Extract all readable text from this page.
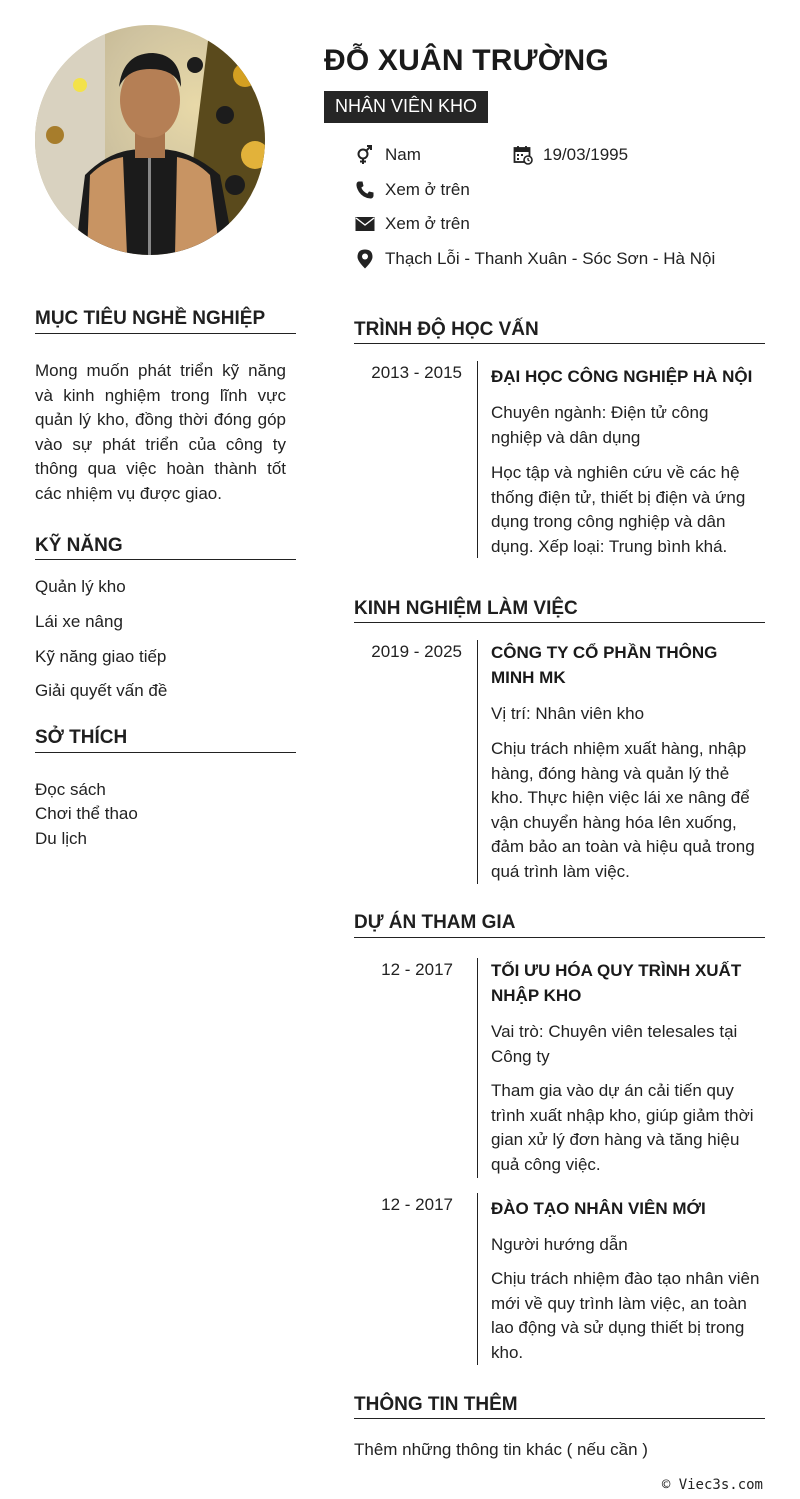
ĐỖ XUÂN TRƯỜNG
NHÂN VIÊN KHO
Nam	19/03/1995
Xem ở trên
Xem ở trên
Thạch Lỗi - Thanh Xuân - Sóc Sơn - Hà Nội
MỤC TIÊU NGHỀ NGHIỆP
Mong muốn phát triển kỹ năng và kinh nghiệm trong lĩnh vực quản lý kho, đồng thời đóng góp vào sự phát triển của công ty thông qua việc hoàn thành tốt các nhiệm vụ được giao.
KỸ NĂNG
Quản lý kho
Lái xe nâng
Kỹ năng giao tiếp
Giải quyết vấn đề
SỞ THÍCH
Đọc sách
Chơi thể thao
Du lịch
TRÌNH ĐỘ HỌC VẤN
2013 - 2015 ĐẠI HỌC CÔNG NGHIỆP HÀ NỘI
Chuyên ngành: Điện tử công nghiệp và dân dụng
Học tập và nghiên cứu về các hệ thống điện tử, thiết bị điện và ứng dụng trong công nghiệp và dân dụng. Xếp loại: Trung bình khá.
KINH NGHIỆM LÀM VIỆC
2019 - 2025 CÔNG TY CỔ PHẦN THÔNG MINH MK
Vị trí: Nhân viên kho
Chịu trách nhiệm xuất hàng, nhập hàng, đóng hàng và quản lý thẻ kho. Thực hiện việc lái xe nâng để vận chuyển hàng hóa lên xuống, đảm bảo an toàn và hiệu quả trong quá trình làm việc.
DỰ ÁN THAM GIA
12 - 2017 TỐI ƯU HÓA QUY TRÌNH XUẤT NHẬP KHO
Vai trò: Chuyên viên telesales tại Công ty
Tham gia vào dự án cải tiến quy trình xuất nhập kho, giúp giảm thời gian xử lý đơn hàng và tăng hiệu quả công việc.
12 - 2017 ĐÀO TẠO NHÂN VIÊN MỚI
Người hướng dẫn
Chịu trách nhiệm đào tạo nhân viên mới về quy trình làm việc, an toàn lao động và sử dụng thiết bị trong kho.
THÔNG TIN THÊM
Thêm những thông tin khác ( nếu cần )
© Viec3s.com
